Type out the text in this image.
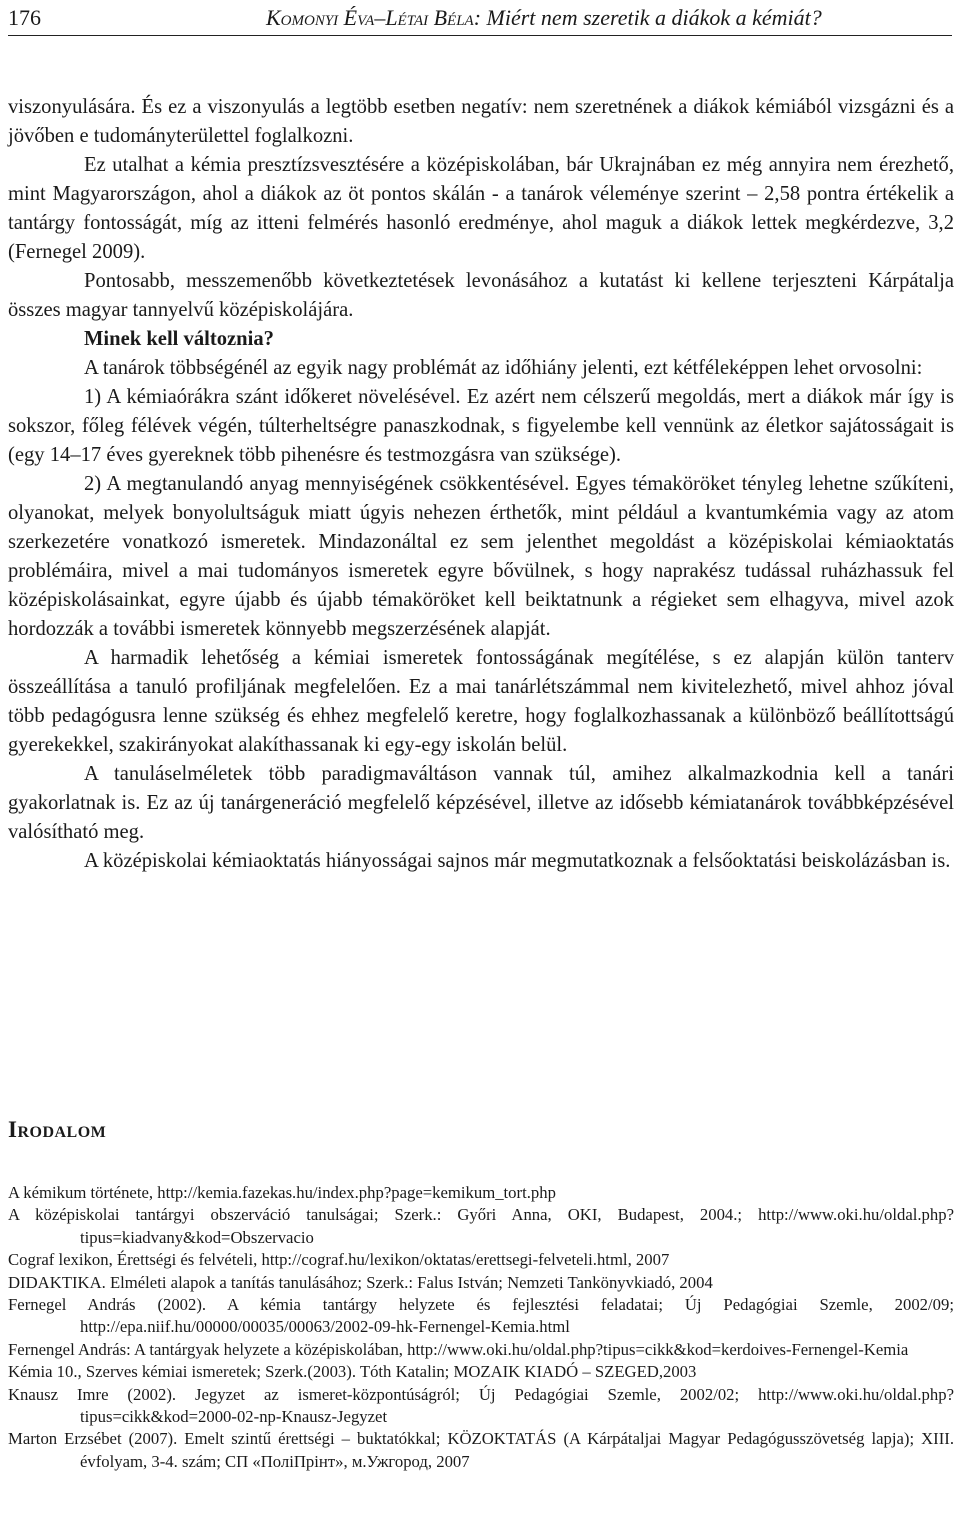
176	Komonyi Éva–Létai Béla: Miért nem szeretik a diákok a kémiát?

viszonyulására. És ez a viszonyulás a legtöbb esetben negatív: nem szeretnének a diákok kémiából vizsgázni és a jövőben e tudományterülettel foglalkozni.

Ez utalhat a kémia presztízsvesztésére a középiskolában, bár Ukrajnában ez még annyira nem érezhető, mint Magyarországon, ahol a diákok az öt pontos skálán - a tanárok véleménye szerint – 2,58 pontra értékelik a tantárgy fontosságát, míg az itteni felmérés hasonló eredménye, ahol maguk a diákok lettek megkérdezve, 3,2 (Fernegel 2009).

Pontosabb, messzemenőbb következtetések levonásához a kutatást ki kellene terjeszteni Kárpátalja összes magyar tannyelvű középiskolájára.

Minek kell változnia?

A tanárok többségénél az egyik nagy problémát az időhiány jelenti, ezt kétféleképpen lehet orvosolni:

1) A kémiaórákra szánt időkeret növelésével. Ez azért nem célszerű megoldás, mert a diákok már így is sokszor, főleg félévek végén, túlterheltségre panaszkodnak, s figyelembe kell vennünk az életkor sajátosságait is (egy 14–17 éves gyereknek több pihenésre és testmozgásra van szüksége).

2) A megtanulandó anyag mennyiségének csökkentésével. Egyes témaköröket tényleg lehetne szűkíteni, olyanokat, melyek bonyolultságuk miatt úgyis nehezen érthetők, mint például a kvantumkémia vagy az atom szerkezetére vonatkozó ismeretek. Mindazonáltal ez sem jelenthet megoldást a középiskolai kémiaoktatás problémáira, mivel a mai tudományos ismeretek egyre bővülnek, s hogy naprakész tudással ruházhassuk fel középiskolásainkat, egyre újabb és újabb témaköröket kell beiktatnunk a régieket sem elhagyva, mivel azok hordozzák a további ismeretek könnyebb megszerzésének alapját.

A harmadik lehetőség a kémiai ismeretek fontosságának megítélése, s ez alapján külön tanterv összeállítása a tanuló profiljának megfelelően. Ez a mai tanárlétszámmal nem kivitelezhető, mivel ahhoz jóval több pedagógusra lenne szükség és ehhez megfelelő keretre, hogy foglalkozhassanak a különböző beállítottságú gyerekekkel, szakirányokat alakíthassanak ki egy-egy iskolán belül.

A tanuláselméletek több paradigmaváltáson vannak túl, amihez alkalmazkodnia kell a tanári gyakorlatnak is. Ez az új tanárgeneráció megfelelő képzésével, illetve az idősebb kémiatanárok továbbképzésével valósítható meg.

A középiskolai kémiaoktatás hiányosságai sajnos már megmutatkoznak a felsőoktatási beiskolázásban is.

Irodalom

A kémikum története, http://kemia.fazekas.hu/index.php?page=kemikum_tort.php

A középiskolai tantárgyi obszerváció tanulságai; Szerk.: Győri Anna, OKI, Budapest, 2004.; http://www.oki.hu/oldal.php?tipus=kiadvany&kod=Obszervacio

Cograf lexikon, Érettségi és felvételi, http://cograf.hu/lexikon/oktatas/erettsegi-felveteli.html, 2007

DIDAKTIKA. Elméleti alapok a tanítás tanulásához; Szerk.: Falus István; Nemzeti Tankönyvkiadó, 2004

Fernegel András (2002). A kémia tantárgy helyzete és fejlesztési feladatai; Új Pedagógiai Szemle, 2002/09; http://epa.niif.hu/00000/00035/00063/2002-09-hk-Fernengel-Kemia.html

Fernengel András: A tantárgyak helyzete a középiskolában, http://www.oki.hu/oldal.php?tipus=cikk&kod=kerdoives-Fernengel-Kemia

Kémia 10., Szerves kémiai ismeretek; Szerk.(2003). Tóth Katalin; MOZAIK KIADÓ – SZEGED,2003

Knausz Imre (2002). Jegyzet az ismeret-központúságról; Új Pedagógiai Szemle, 2002/02; http://www.oki.hu/oldal.php?tipus=cikk&kod=2000-02-np-Knausz-Jegyzet

Marton Erzsébet (2007). Emelt szintű érettségi – buktatókkal; KÖZOKTATÁS (A Kárpátaljai Magyar Pedagógusszövetség lapja); XIII. évfolyam, 3-4. szám; СП «ПоліПрінт», м.Ужгород, 2007
